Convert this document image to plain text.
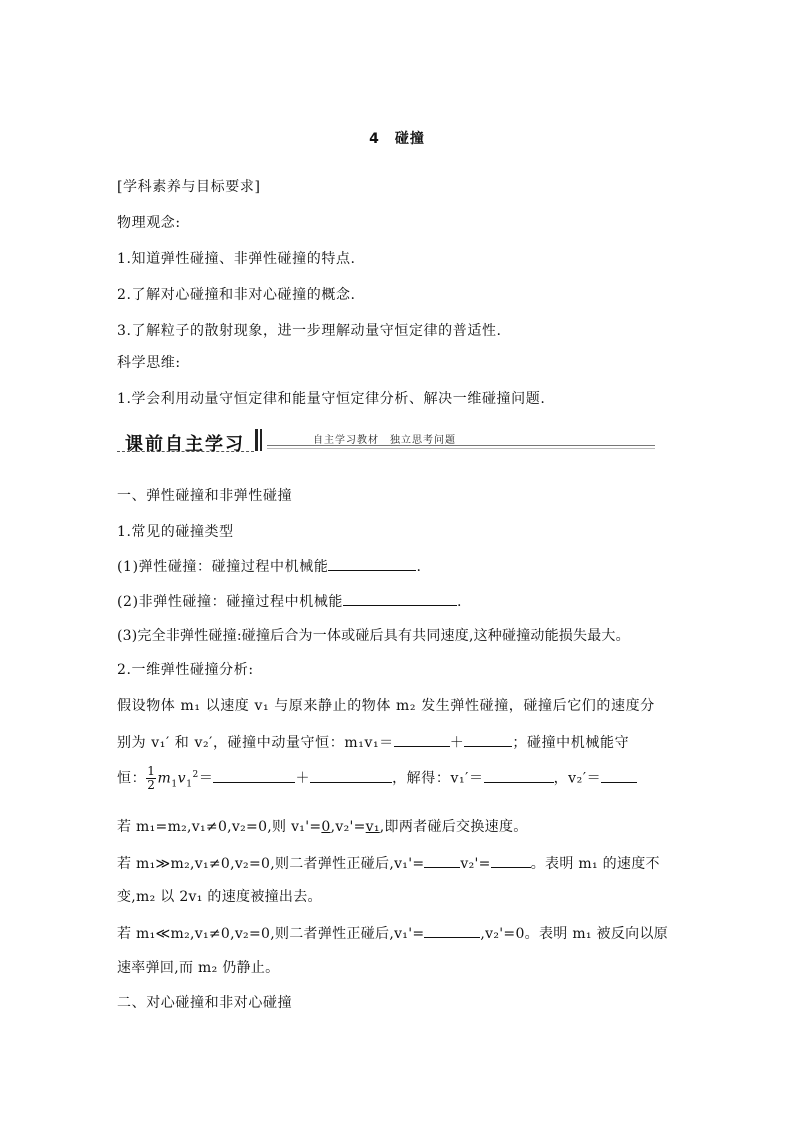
4　碰撞
[学科素养与目标要求]
物理观念:
1.知道弹性碰撞、非弹性碰撞的特点.
2.了解对心碰撞和非对心碰撞的概念.
3.了解粒子的散射现象，进一步理解动量守恒定律的普适性.
科学思维:
1.学会利用动量守恒定律和能量守恒定律分析、解决一维碰撞问题.
课前自主学习	自主学习教材　独立思考问题
一、弹性碰撞和非弹性碰撞
1.常见的碰撞类型
(1)弹性碰撞：碰撞过程中机械能	.
(2)非弹性碰撞：碰撞过程中机械能	.
(3)完全非弹性碰撞:碰撞后合为一体或碰后具有共同速度,这种碰撞动能损失最大。
2.一维弹性碰撞分析:
假设物体 m₁ 以速度 v₁ 与原来静止的物体 m₂ 发生弹性碰撞，碰撞后它们的速度分
别为 v₁′ 和 v₂′，碰撞中动量守恒：m₁v₁＝	＋	；碰撞中机械能守
恒： $\frac{1}{2} m_1v_1^2=$	＋	，解得：v₁′＝	，v₂′＝
若 m₁=m₂,v₁≠0,v₂=0,则 v₁'=0,v₂'=v₁,即两者碰后交换速度。
若 m₁≫m₂,v₁≠0,v₂=0,则二者弹性正碰后,v₁'=	v₂'=	。表明 m₁ 的速度不
变,m₂ 以 2v₁ 的速度被撞出去。
若 m₁≪m₂,v₁≠0,v₂=0,则二者弹性正碰后,v₁'=	,v₂'=0。表明 m₁ 被反向以原
速率弹回,而 m₂ 仍静止。
二、对心碰撞和非对心碰撞
